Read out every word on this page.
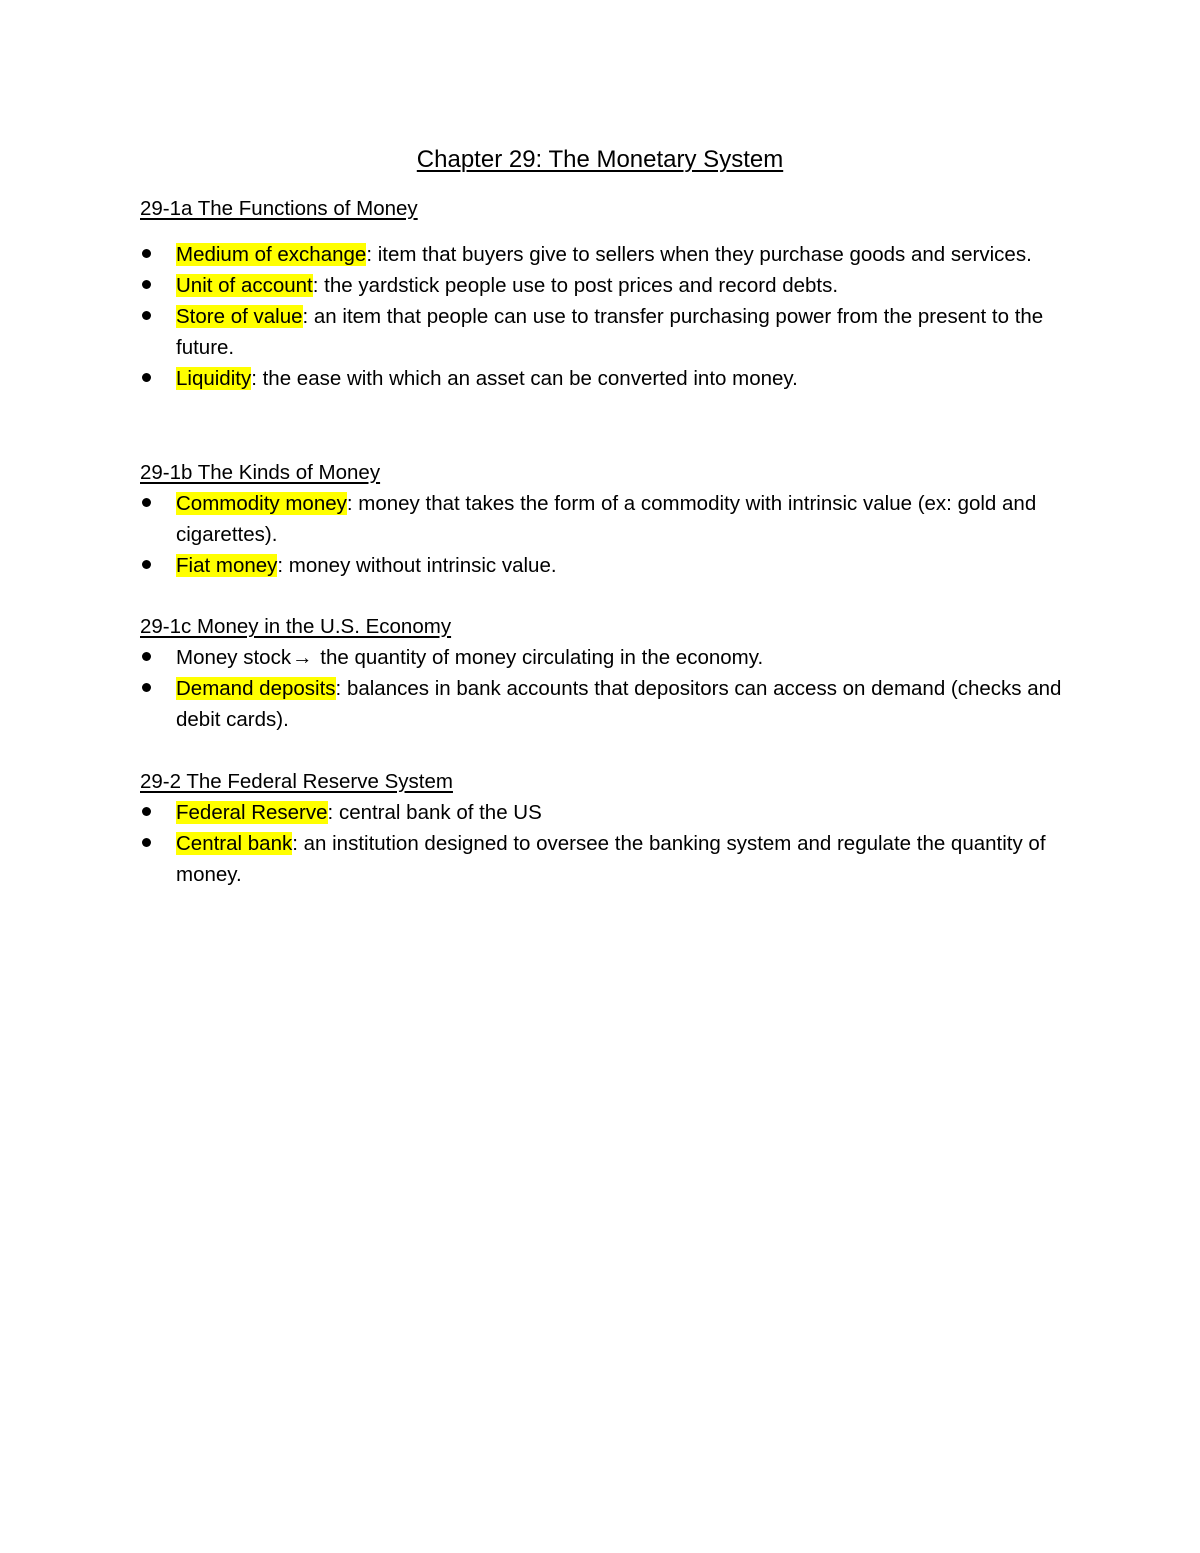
Chapter 29: The Monetary System
29-1a The Functions of Money
Medium of exchange: item that buyers give to sellers when they purchase goods and services.
Unit of account: the yardstick people use to post prices and record debts.
Store of value: an item that people can use to transfer purchasing power from the present to the future.
Liquidity: the ease with which an asset can be converted into money.
29-1b The Kinds of Money
Commodity money: money that takes the form of a commodity with intrinsic value (ex: gold and cigarettes).
Fiat money: money without intrinsic value.
29-1c Money in the U.S. Economy
Money stock→ the quantity of money circulating in the economy.
Demand deposits: balances in bank accounts that depositors can access on demand (checks and debit cards).
29-2 The Federal Reserve System
Federal Reserve: central bank of the US
Central bank: an institution designed to oversee the banking system and regulate the quantity of money.
